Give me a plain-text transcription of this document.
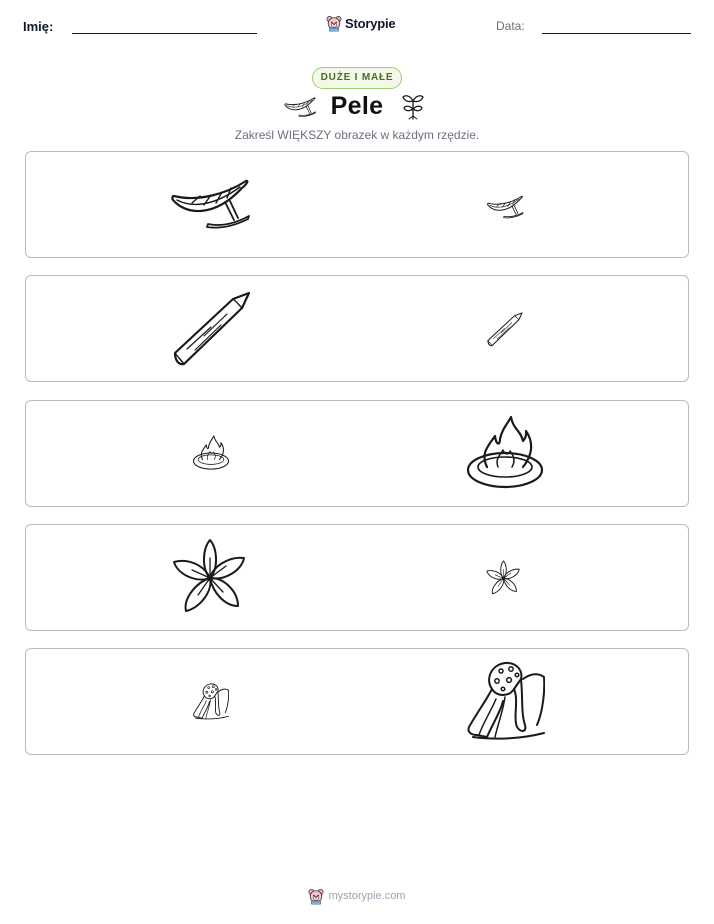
Imię:	Storypie	Data:
DUŻE I MAŁE
Pele
Zakreśl WIĘKSZY obrazek w każdym rzędzie.
mystorypie.com
